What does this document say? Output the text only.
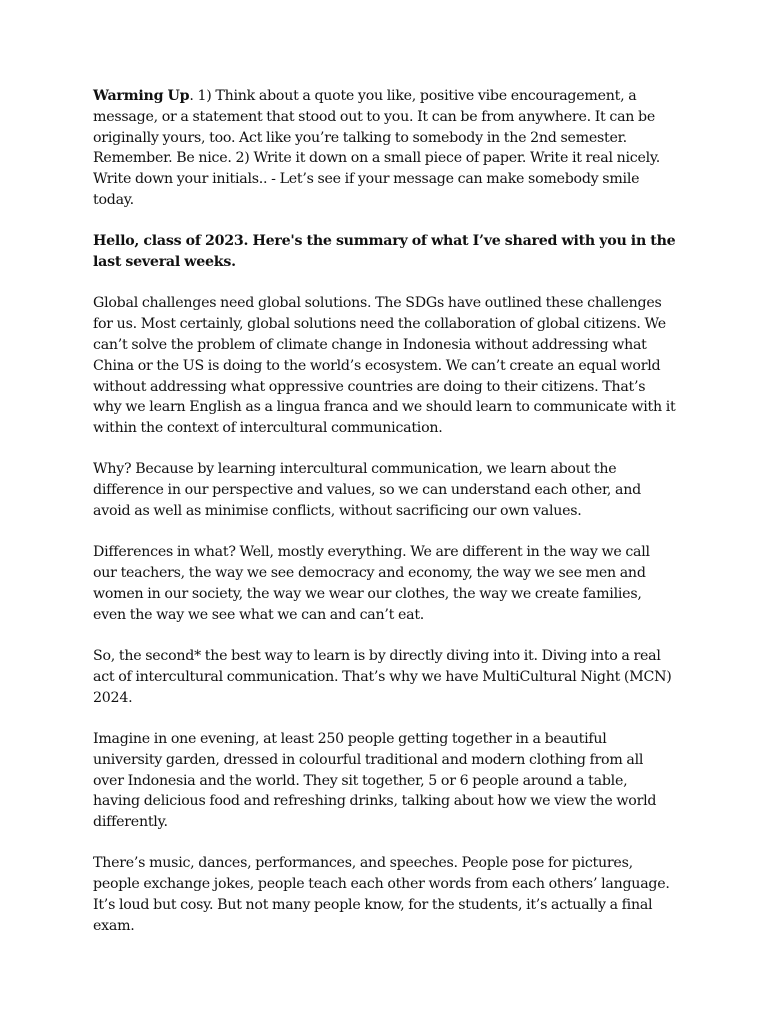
Warming Up. 1) Think about a quote you like, positive vibe encouragement, a message, or a statement that stood out to you. It can be from anywhere. It can be originally yours, too. Act like you’re talking to somebody in the 2nd semester. Remember. Be nice. 2) Write it down on a small piece of paper. Write it real nicely. Write down your initials.. - Let’s see if your message can make somebody smile today.

Hello, class of 2023. Here's the summary of what I’ve shared with you in the last several weeks.

Global challenges need global solutions. The SDGs have outlined these challenges for us. Most certainly, global solutions need the collaboration of global citizens. We can’t solve the problem of climate change in Indonesia without addressing what China or the US is doing to the world’s ecosystem. We can’t create an equal world without addressing what oppressive countries are doing to their citizens. That’s why we learn English as a lingua franca and we should learn to communicate with it within the context of intercultural communication.

Why? Because by learning intercultural communication, we learn about the difference in our perspective and values, so we can understand each other, and avoid as well as minimise conflicts, without sacrificing our own values.

Differences in what? Well, mostly everything. We are different in the way we call our teachers, the way we see democracy and economy, the way we see men and women in our society, the way we wear our clothes, the way we create families, even the way we see what we can and can’t eat.

So, the second* the best way to learn is by directly diving into it. Diving into a real act of intercultural communication. That’s why we have MultiCultural Night (MCN) 2024.

Imagine in one evening, at least 250 people getting together in a beautiful university garden, dressed in colourful traditional and modern clothing from all over Indonesia and the world. They sit together, 5 or 6 people around a table, having delicious food and refreshing drinks, talking about how we view the world differently.

There’s music, dances, performances, and speeches. People pose for pictures, people exchange jokes, people teach each other words from each others’ language. It’s loud but cosy. But not many people know, for the students, it’s actually a final exam.
